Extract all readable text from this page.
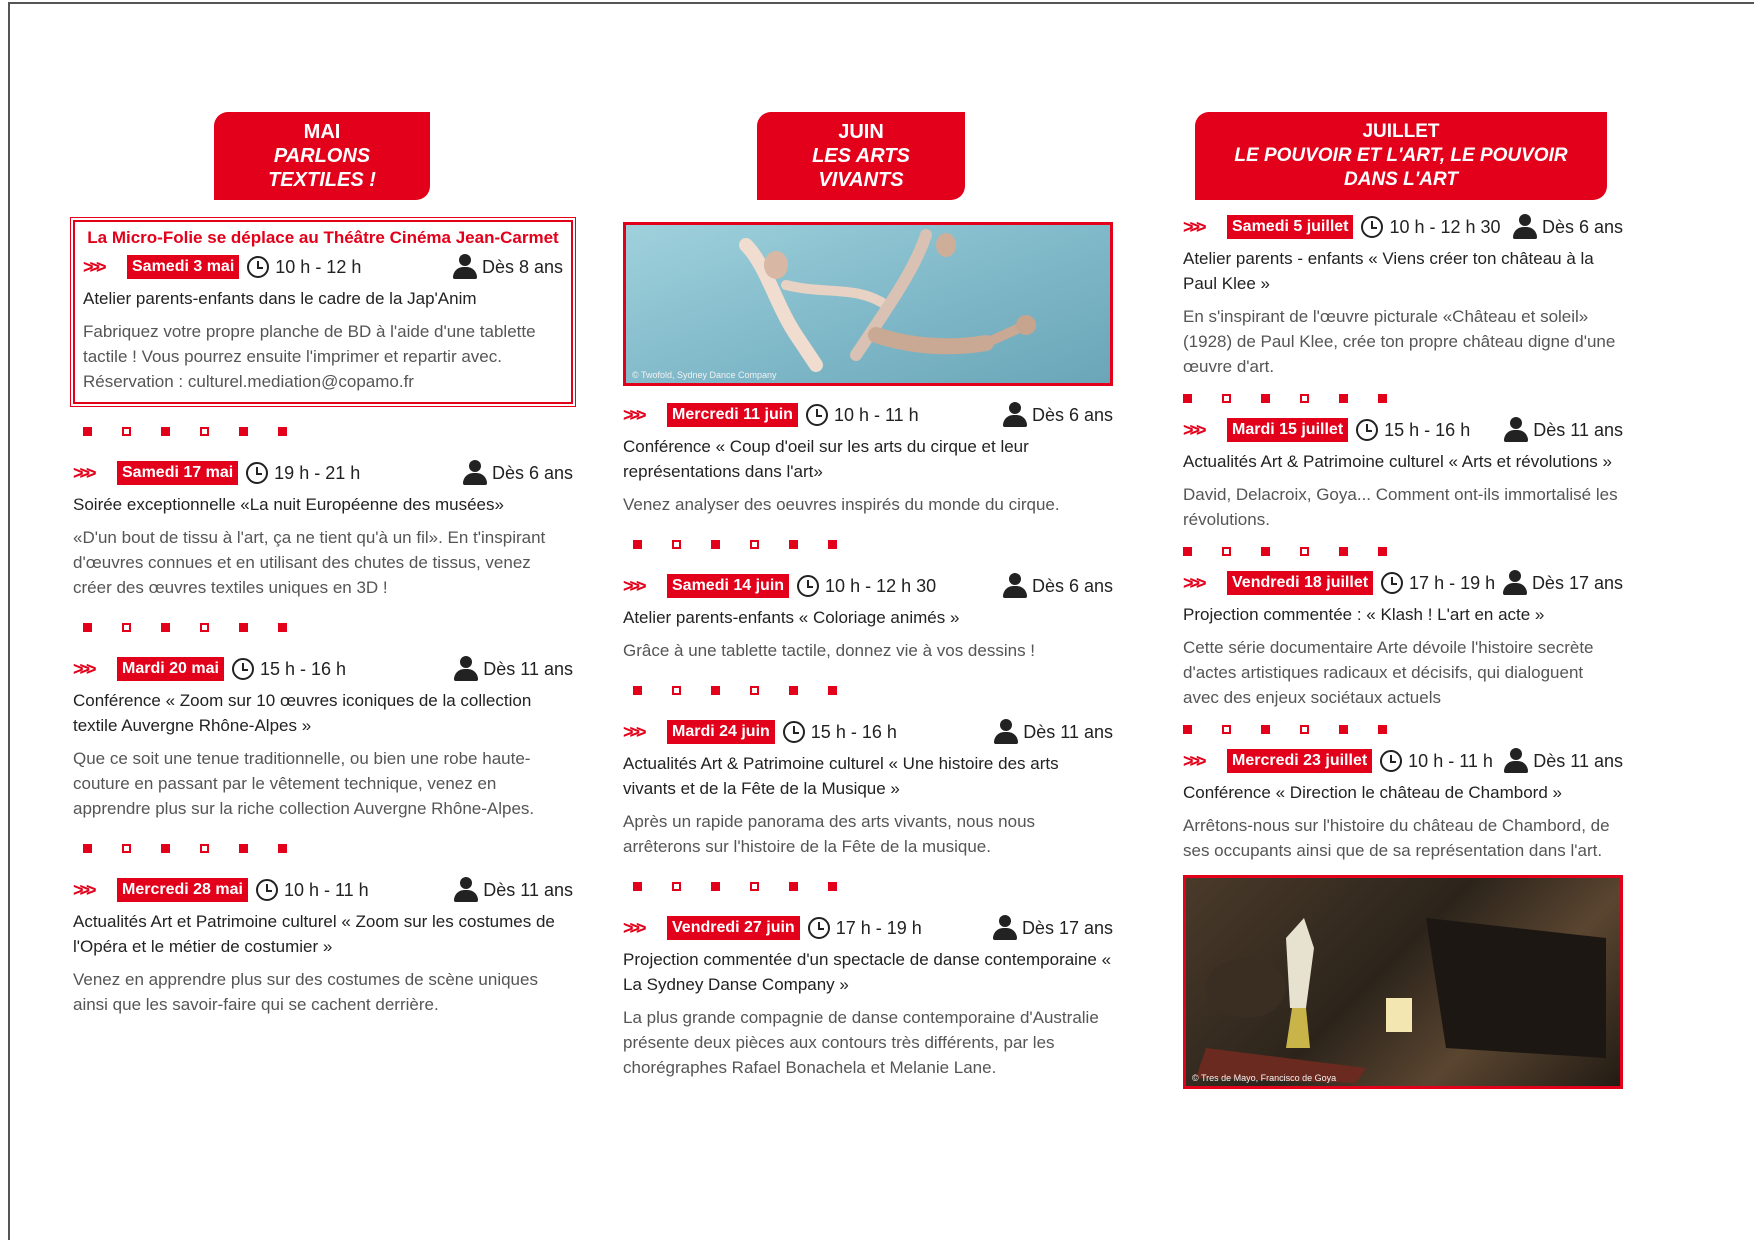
MAI
PARLONS TEXTILES !
La Micro-Folie se déplace au Théâtre Cinéma Jean-Carmet
>>>	Samedi 3 mai 10 h - 12 h	Dès 8 ans
Atelier parents-enfants dans le cadre de la Jap'Anim
Fabriquez votre propre planche de BD à l'aide d'une tablette tactile ! Vous pourrez ensuite l'imprimer et repartir avec. Réservation : culturel.mediation@copamo.fr
>>>	Samedi 17 mai 19 h - 21 h	Dès 6 ans
Soirée exceptionnelle «La nuit Européenne des musées»
«D'un bout de tissu à l'art, ça ne tient qu'à un fil». En t'inspirant d'œuvres connues et en utilisant des chutes de tissus, venez créer des œuvres textiles uniques en 3D !
>>>	Mardi 20 mai 15 h - 16 h	Dès 11 ans
Conférence « Zoom sur 10 œuvres iconiques de la collection textile Auvergne Rhône-Alpes »
Que ce soit une tenue traditionnelle, ou bien une robe haute-couture en passant par le vêtement technique, venez en apprendre plus sur la riche collection Auvergne Rhône-Alpes.
>>>	Mercredi 28 mai 10 h - 11 h	Dès 11 ans
Actualités Art et Patrimoine culturel « Zoom sur les costumes de l'Opéra et le métier de costumier »
Venez en apprendre plus sur des costumes de scène uniques ainsi que les savoir-faire qui se cachent derrière.
JUIN
LES ARTS VIVANTS
© Twofold, Sydney Dance Company
>>>	Mercredi 11 juin 10 h - 11 h	Dès 6 ans
Conférence « Coup d'oeil sur les arts du cirque et leur représentations dans l'art»
Venez analyser des oeuvres inspirés du monde du cirque.
>>>	Samedi 14 juin 10 h - 12 h 30	Dès 6 ans
Atelier parents-enfants « Coloriage animés »
Grâce à une tablette tactile, donnez vie à vos dessins !
>>>	Mardi 24 juin 15 h - 16 h	Dès 11 ans
Actualités Art & Patrimoine culturel « Une histoire des arts vivants et de la Fête de la Musique »
Après un rapide panorama des arts vivants, nous nous arrêterons sur l'histoire de la Fête de la musique.
>>>	Vendredi 27 juin 17 h - 19 h	Dès 17 ans
Projection commentée d'un spectacle de danse contemporaine « La Sydney Danse Company »
La plus grande compagnie de danse contemporaine d'Australie présente deux pièces aux contours très différents, par les chorégraphes Rafael Bonachela et Melanie Lane.
JUILLET
LE POUVOIR ET L'ART, LE POUVOIR DANS L'ART
>>>	Samedi 5 juillet 10 h - 12 h 30 Dès 6 ans
Atelier parents - enfants « Viens créer ton château à la Paul Klee »
En s'inspirant de l'œuvre picturale «Château et soleil» (1928) de Paul Klee, crée ton propre château digne d'une œuvre d'art.
>>>	Mardi 15 juillet 15 h - 16 h	Dès 11 ans
Actualités Art & Patrimoine culturel « Arts et révolutions »
David, Delacroix, Goya... Comment ont-ils immortalisé les révolutions.
>>>	Vendredi 18 juillet 17 h - 19 h Dès 17 ans
Projection commentée : « Klash ! L'art en acte »
Cette série documentaire Arte dévoile l'histoire secrète d'actes artistiques radicaux et décisifs, qui dialoguent avec des enjeux sociétaux actuels
>>>	Mercredi 23 juillet 10 h - 11 h Dès 11 ans
Conférence « Direction le château de Chambord »
Arrêtons-nous sur l'histoire du château de Chambord, de ses occupants ainsi que de sa représentation dans l'art.
© Tres de Mayo, Francisco de Goya
